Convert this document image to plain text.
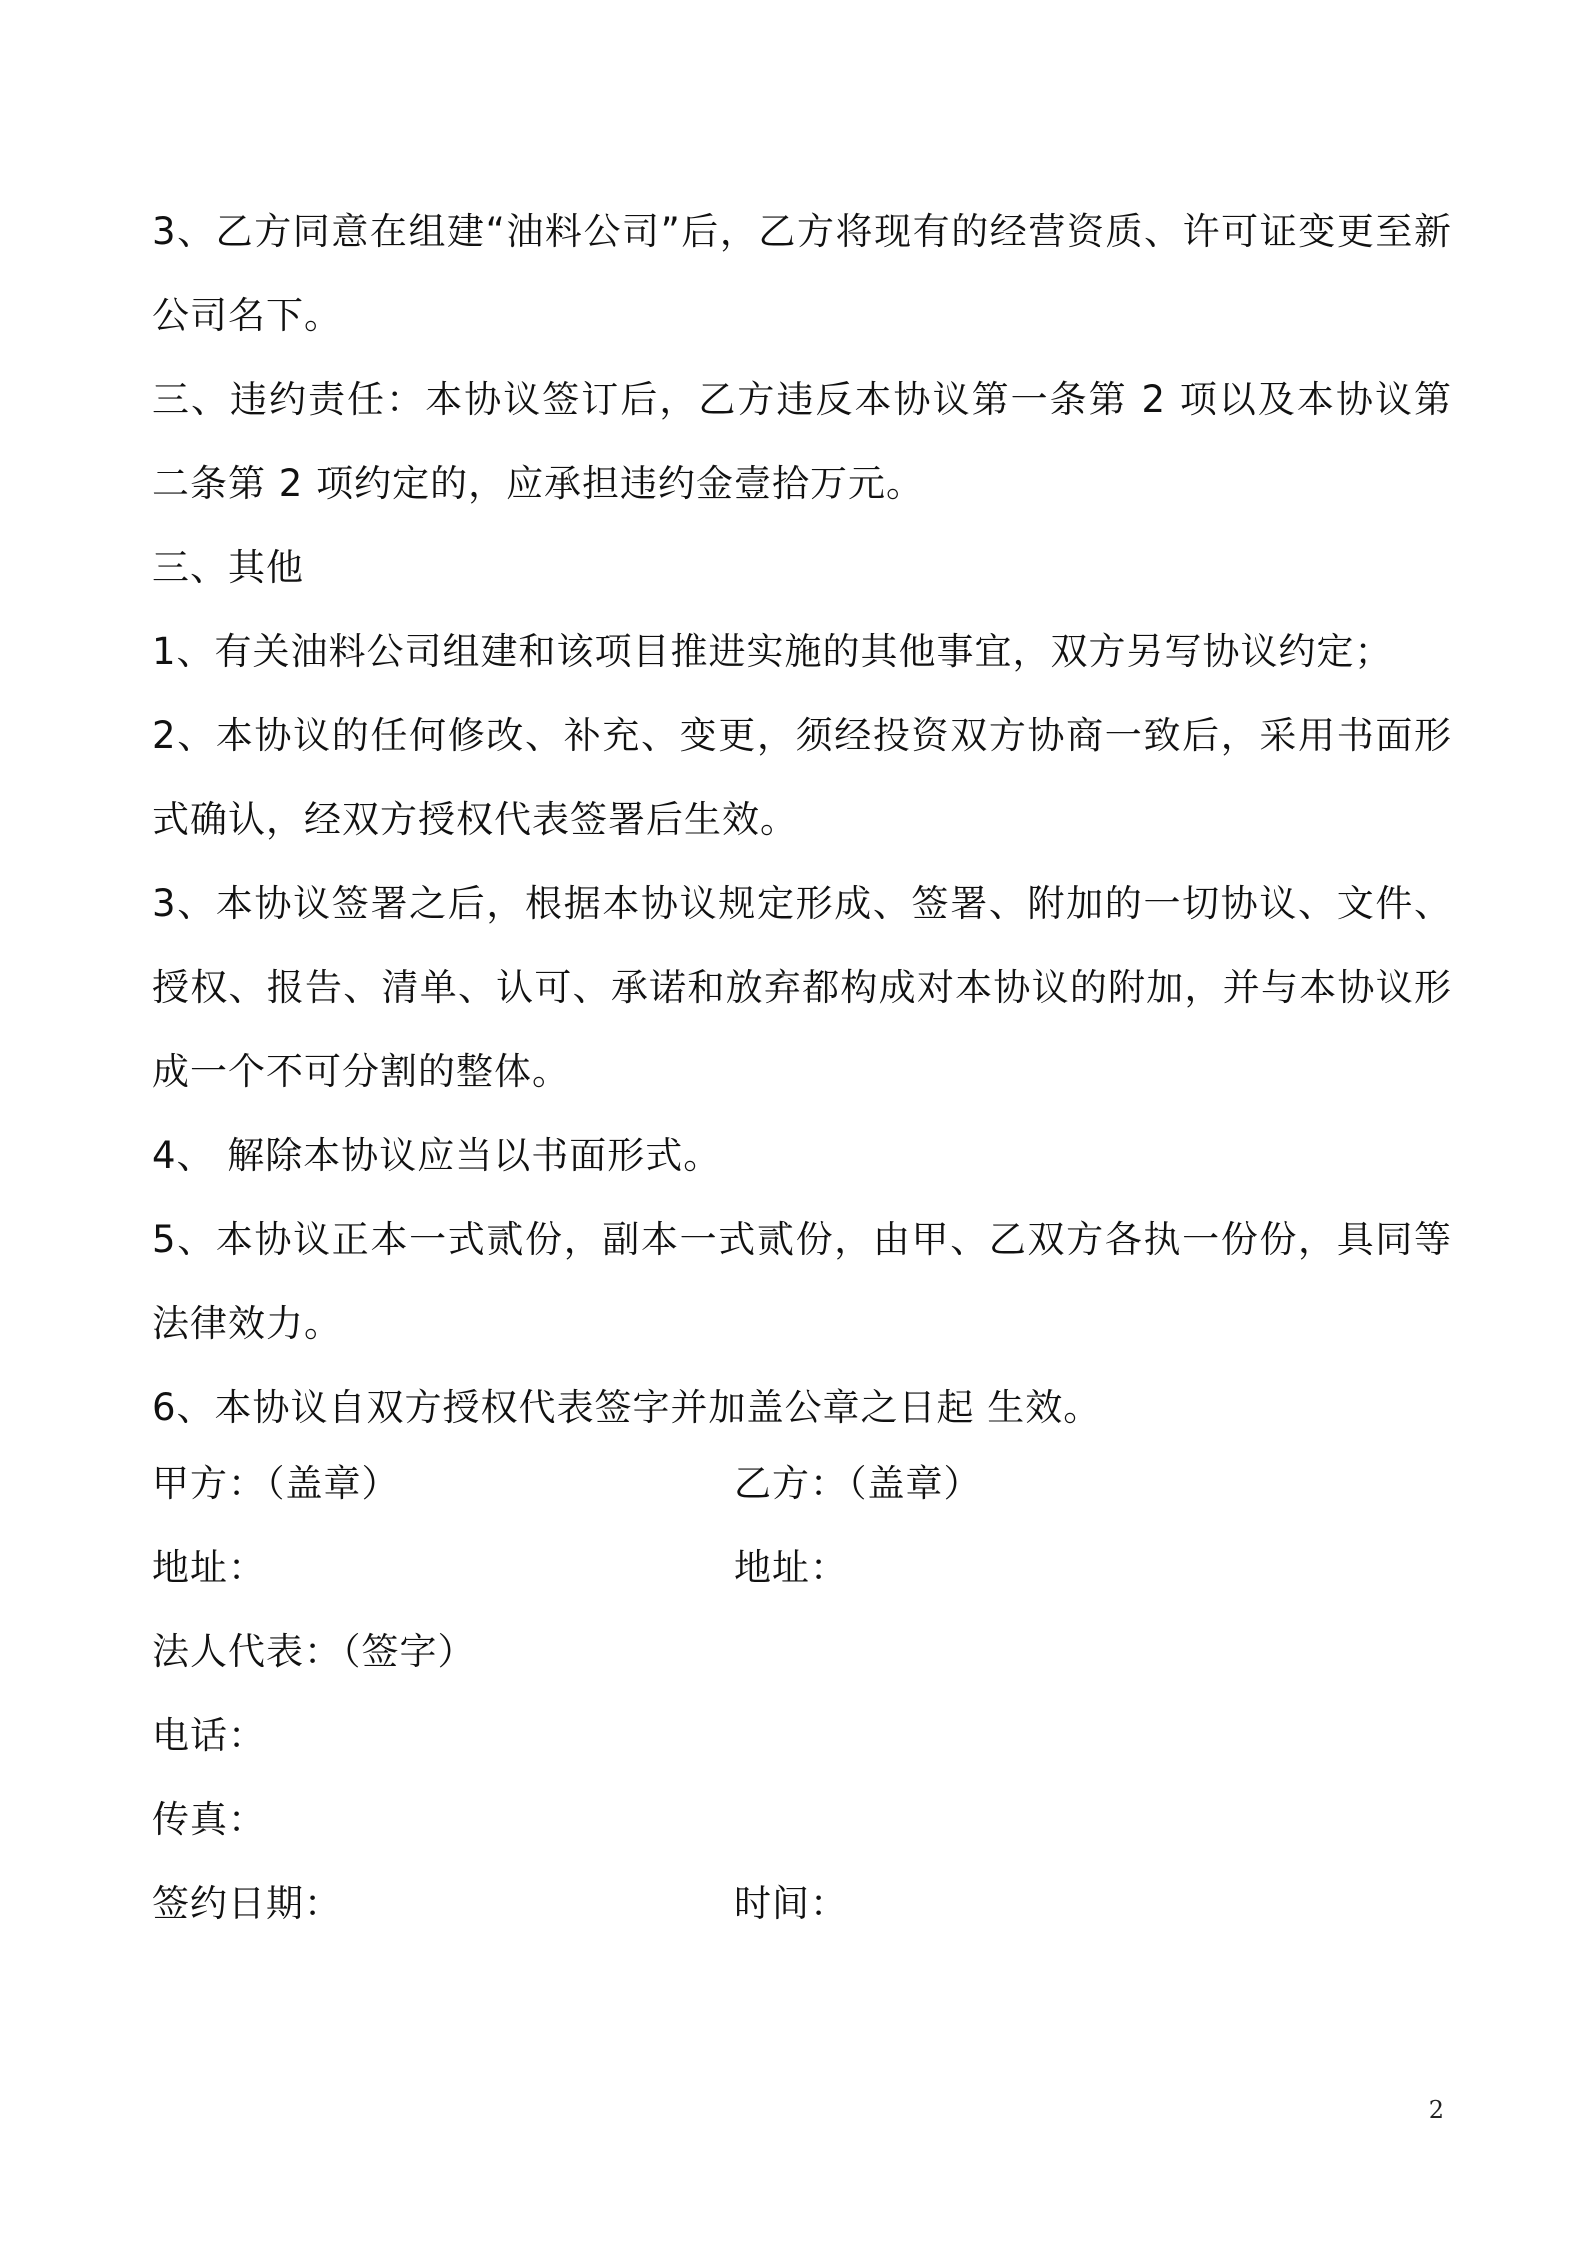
3、乙方同意在组建“油料公司”后，乙方将现有的经营资质、许可证变更至新公司名下。

三、违约责任：本协议签订后，乙方违反本协议第一条第 2 项以及本协议第二条第 2 项约定的，应承担违约金壹拾万元。

三、其他

1、有关油料公司组建和该项目推进实施的其他事宜，双方另写协议约定；

2、本协议的任何修改、补充、变更，须经投资双方协商一致后，采用书面形式确认，经双方授权代表签署后生效。

3、本协议签署之后，根据本协议规定形成、签署、附加的一切协议、文件、授权、报告、清单、认可、承诺和放弃都构成对本协议的附加，并与本协议形成一个不可分割的整体。

4、 解除本协议应当以书面形式。

5、本协议正本一式贰份，副本一式贰份，由甲、乙双方各执一份份，具同等法律效力。

6、本协议自双方授权代表签字并加盖公章之日起 生效。

甲方：（盖章）	乙方：（盖章）
地址：	地址：
法人代表：（签字）
电话：
传真：
签约日期：	时间：
2
